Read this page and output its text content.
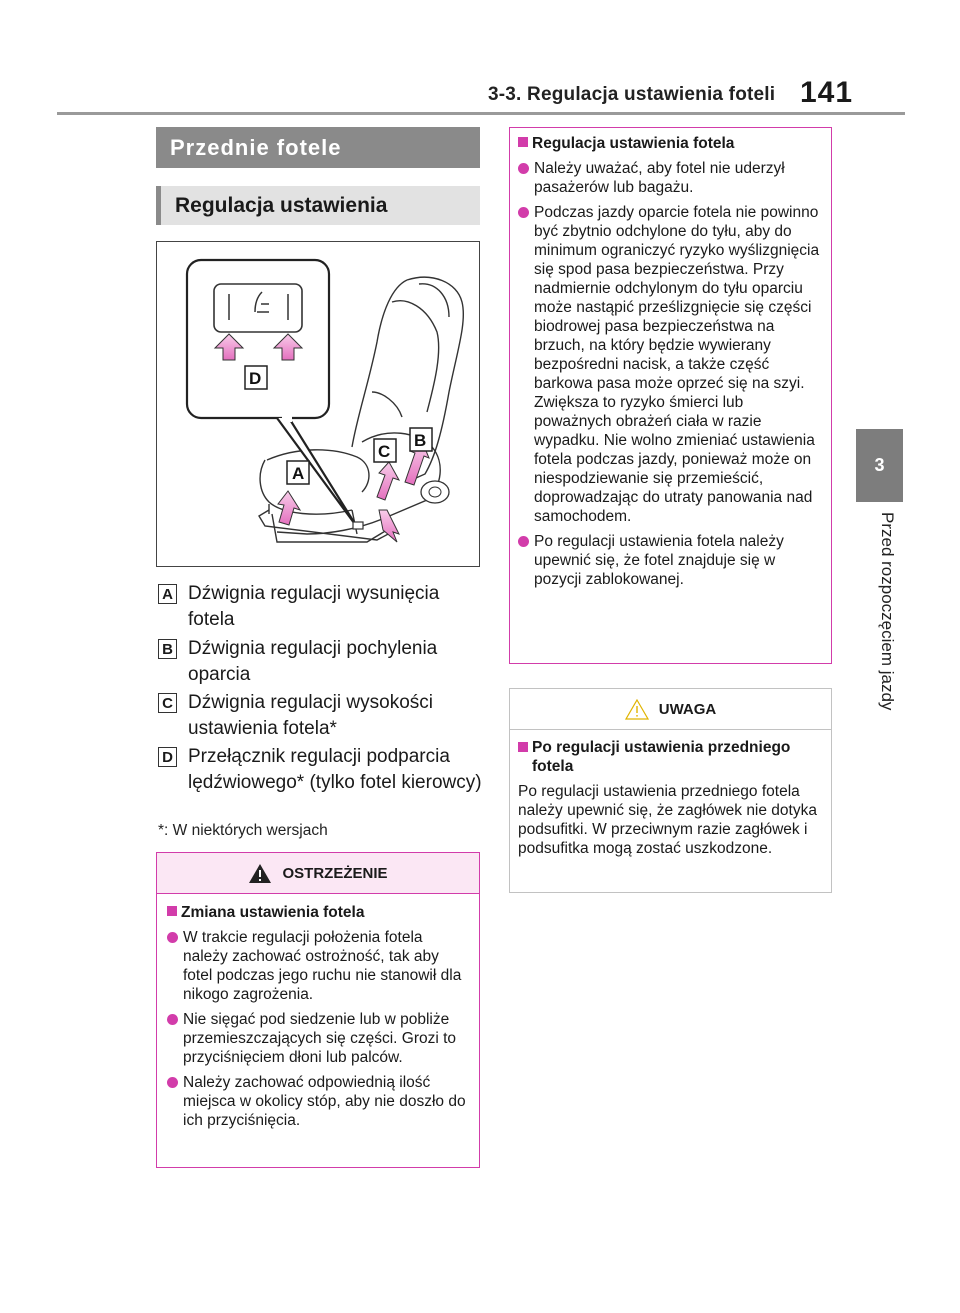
3-3. Regulacja ustawienia foteli 141
3
Przed rozpoczęciem jazdy
Przednie fotele
Regulacja ustawienia
D
A
C
B
A Dźwignia regulacji wysunięcia fotela
B Dźwignia regulacji pochylenia oparcia
C Dźwignia regulacji wysokości ustawienia fotela*
D Przełącznik regulacji podparcia lędźwiowego* (tylko fotel kierowcy)
*: W niektórych wersjach
OSTRZEŻENIE
Zmiana ustawienia fotela
W trakcie regulacji położenia fotela należy zachować ostrożność, tak aby fotel podczas jego ruchu nie stanowił dla nikogo zagrożenia.
Nie sięgać pod siedzenie lub w pobliże przemieszczających się części. Grozi to przyciśnięciem dłoni lub palców.
Należy zachować odpowiednią ilość miejsca w okolicy stóp, aby nie doszło do ich przyciśnięcia.
Regulacja ustawienia fotela
Należy uważać, aby fotel nie uderzył pasażerów lub bagażu.
Podczas jazdy oparcie fotela nie powinno być zbytnio odchylone do tyłu, aby do minimum ograniczyć ryzyko wyślizgnięcia się spod pasa bezpieczeństwa. Przy nadmiernie odchylonym do tyłu oparciu może nastąpić prześlizgnięcie się części biodrowej pasa bezpieczeństwa na brzuch, na który będzie wywierany bezpośredni nacisk, a także część barkowa pasa może oprzeć się na szyi. Zwiększa to ryzyko śmierci lub poważnych obrażeń ciała w razie wypadku. Nie wolno zmieniać ustawienia fotela podczas jazdy, ponieważ może on niespodziewanie się przemieścić, doprowadzając do utraty panowania nad samochodem.
Po regulacji ustawienia fotela należy upewnić się, że fotel znajduje się w pozycji zablokowanej.
UWAGA
Po regulacji ustawienia przedniego fotela
Po regulacji ustawienia przedniego fotela należy upewnić się, że zagłówek nie dotyka podsufitki. W przeciwnym razie zagłówek i podsufitka mogą zostać uszkodzone.
